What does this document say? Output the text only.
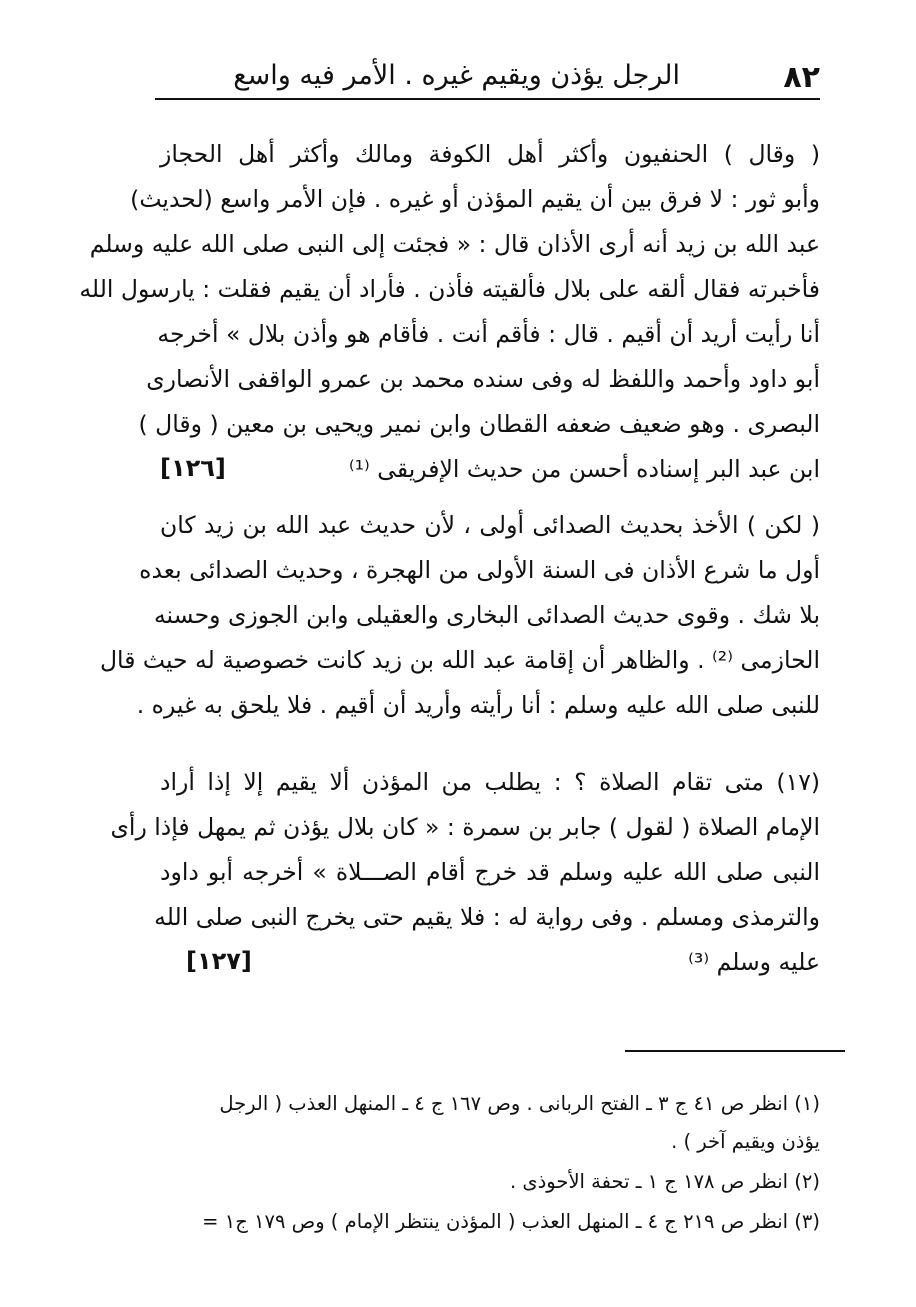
٨٢
الرجل يؤذن ويقيم غيره . الأمر فيه واسع
( وقال ) الحنفيون وأكثر أهل الكوفة ومالك وأكثر أهل الحجاز
وأبو ثور : لا فرق بين أن يقيم المؤذن أو غيره . فإن الأمر واسع (لحديث)
عبد الله بن زيد أنه أرى الأذان قال : « فجئت إلى النبى صلى الله عليه وسلم
فأخبرته فقال ألقه على بلال فألقيته فأذن . فأراد أن يقيم فقلت : يارسول الله
أنا رأيت أريد أن أقيم . قال : فأقم أنت . فأقام هو وأذن بلال » أخرجه
أبو داود وأحمد واللفظ له وفى سنده محمد بن عمرو الواقفى الأنصارى
البصرى . وهو ضعيف ضعفه القطان وابن نمير ويحيى بن معين ( وقال )
ابن عبد البر إسناده أحسن من حديث الإفريقى ⁽¹⁾
[١٢٦]
( لكن ) الأخذ بحديث الصدائى أولى ، لأن حديث عبد الله بن زيد كان
أول ما شرع الأذان فى السنة الأولى من الهجرة ، وحديث الصدائى بعده
بلا شك . وقوى حديث الصدائى البخارى والعقيلى وابن الجوزى وحسنه
الحازمى ⁽²⁾ . والظاهر أن إقامة عبد الله بن زيد كانت خصوصية له حيث قال
للنبى صلى الله عليه وسلم : أنا رأيته وأريد أن أقيم . فلا يلحق به غيره .
(١٧) متى تقام الصلاة ؟ : يطلب من المؤذن ألا يقيم إلا إذا أراد
الإمام الصلاة ( لقول ) جابر بن سمرة : « كان بلال يؤذن ثم يمهل فإذا رأى
النبى صلى الله عليه وسلم قد خرج أقام الصـــلاة » أخرجه أبو داود
والترمذى ومسلم . وفى رواية له : فلا يقيم حتى يخرج النبى صلى الله
عليه وسلم ⁽³⁾
[١٢٧]
(١) انظر ص ٤١ ج ٣ ـ الفتح الربانى . وص ١٦٧ ج ٤ ـ المنهل العذب ( الرجل
يؤذن ويقيم آخر ) .
(٢) انظر ص ١٧٨ ج ١ ـ تحفة الأحوذى .
(٣) انظر ص ٢١٩ ج ٤ ـ المنهل العذب ( المؤذن ينتظر الإمام ) وص ١٧٩ ج١ =
